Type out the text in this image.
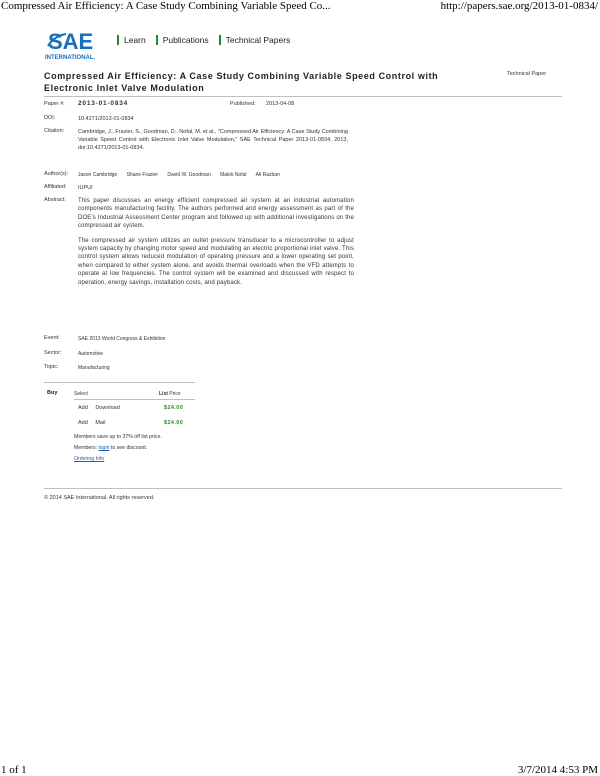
Compressed Air Efficiency: A Case Study Combining Variable Speed Co...	http://papers.sae.org/2013-01-0834/
SAE
INTERNATIONAL.
Learn Publications Technical Papers
Compressed Air Efficiency: A Case Study Combining Variable Speed Control with Electronic Inlet Valve Modulation
Technical Paper
Paper #:	2013-01-0834	Published: 2013-04-08
DOI:	10.4271/2013-01-0834
Citation:	Cambridge, J., Frazier, S., Goodman, D., Nofal, M. et al., "Compressed Air Efficiency: A Case Study Combining Variable Speed Control with Electronic Inlet Valve Modulation," SAE Technical Paper 2013-01-0834, 2013, doi:10.4271/2013-01-0834.
Author(s):	Jason Cambridge Shane Frazier David W. Goodman Malek Nofal Ali Razban
Affiliated:	IUPUI
Abstract:	This paper discusses an energy efficient compressed air system at an industrial automation components manufacturing facility. The authors performed and energy assessment as part of the DOE's Industrial Assessment Center program and followed up with additional investigations on the compressed air system.

The compressed air system utilizes an outlet pressure transducer to a microcontroller to adjust system capacity by changing motor speed and modulating an electric proportional inlet valve. This control system allows reduced modulation of operating pressure and a lower operating set point, when compared to either system alone, and avoids thermal overloads when the VFD attempts to operate at low frequencies. The control system will be examined and discussed with respect to operation, energy savings, installation costs, and payback.

Event:	SAE 2013 World Congress & Exhibition
Sector:	Automotive
Topic:	Manufacturing
Buy	Select	List Price
Add Download	$24.00
Add Mail	$24.00
Members save up to 37% off list price.
Members: login to see discount.
Ordering Info
© 2014 SAE International. All rights reserved.
1 of 1	3/7/2014 4:53 PM
